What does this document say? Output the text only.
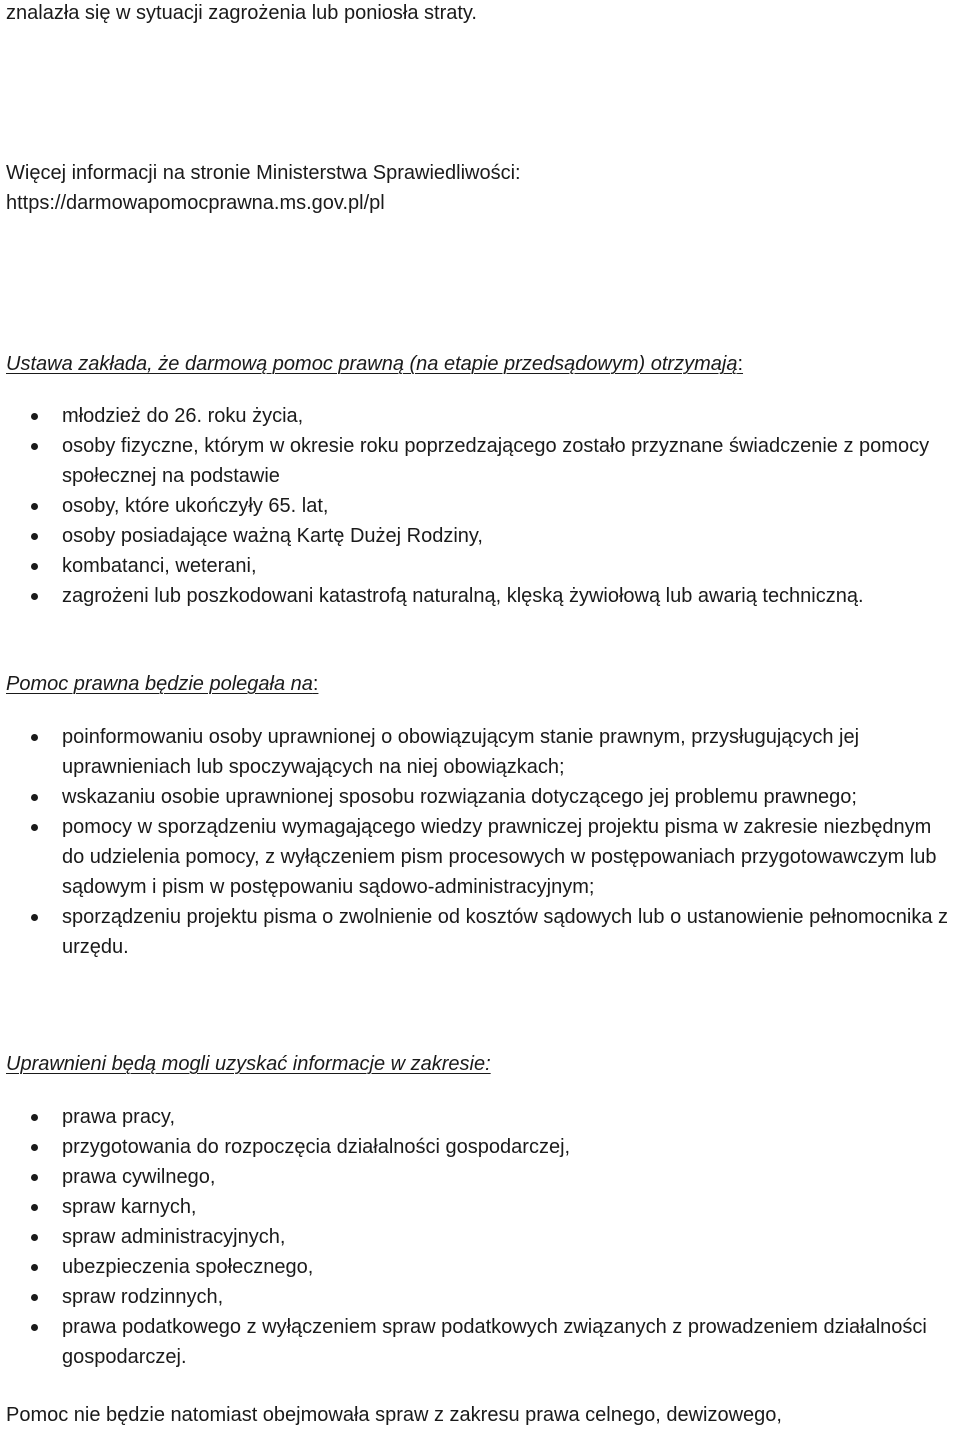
znalazła się w sytuacji zagrożenia lub poniosła straty.

Więcej informacji na stronie Ministerstwa Sprawiedliwości:

https://darmowapomocprawna.ms.gov.pl/pl

Ustawa zakłada, że darmową pomoc prawną (na etapie przedsądowym) otrzymają:

młodzież do 26. roku życia,
osoby fizyczne, którym w okresie roku poprzedzającego zostało przyznane świadczenie z pomocy społecznej na podstawie
osoby, które ukończyły 65. lat,
osoby posiadające ważną Kartę Dużej Rodziny,
kombatanci, weterani,
zagrożeni lub poszkodowani katastrofą naturalną, klęską żywiołową lub awarią techniczną.

Pomoc prawna będzie polegała na:

poinformowaniu osoby uprawnionej o obowiązującym stanie prawnym, przysługujących jej uprawnieniach lub spoczywających na niej obowiązkach;
wskazaniu osobie uprawnionej sposobu rozwiązania dotyczącego jej problemu prawnego;
pomocy w sporządzeniu wymagającego wiedzy prawniczej projektu pisma w zakresie niezbędnym do udzielenia pomocy, z wyłączeniem pism procesowych w postępowaniach przygotowawczym lub sądowym i pism w postępowaniu sądowo-administracyjnym;
sporządzeniu projektu pisma o zwolnienie od kosztów sądowych lub o ustanowienie pełnomocnika z urzędu.

Uprawnieni będą mogli uzyskać informacje w zakresie:

prawa pracy,
przygotowania do rozpoczęcia działalności gospodarczej,
prawa cywilnego,
spraw karnych,
spraw administracyjnych,
ubezpieczenia społecznego,
spraw rodzinnych,
prawa podatkowego z wyłączeniem spraw podatkowych związanych z prowadzeniem działalności gospodarczej.

Pomoc nie będzie natomiast obejmowała spraw z zakresu prawa celnego, dewizowego,
